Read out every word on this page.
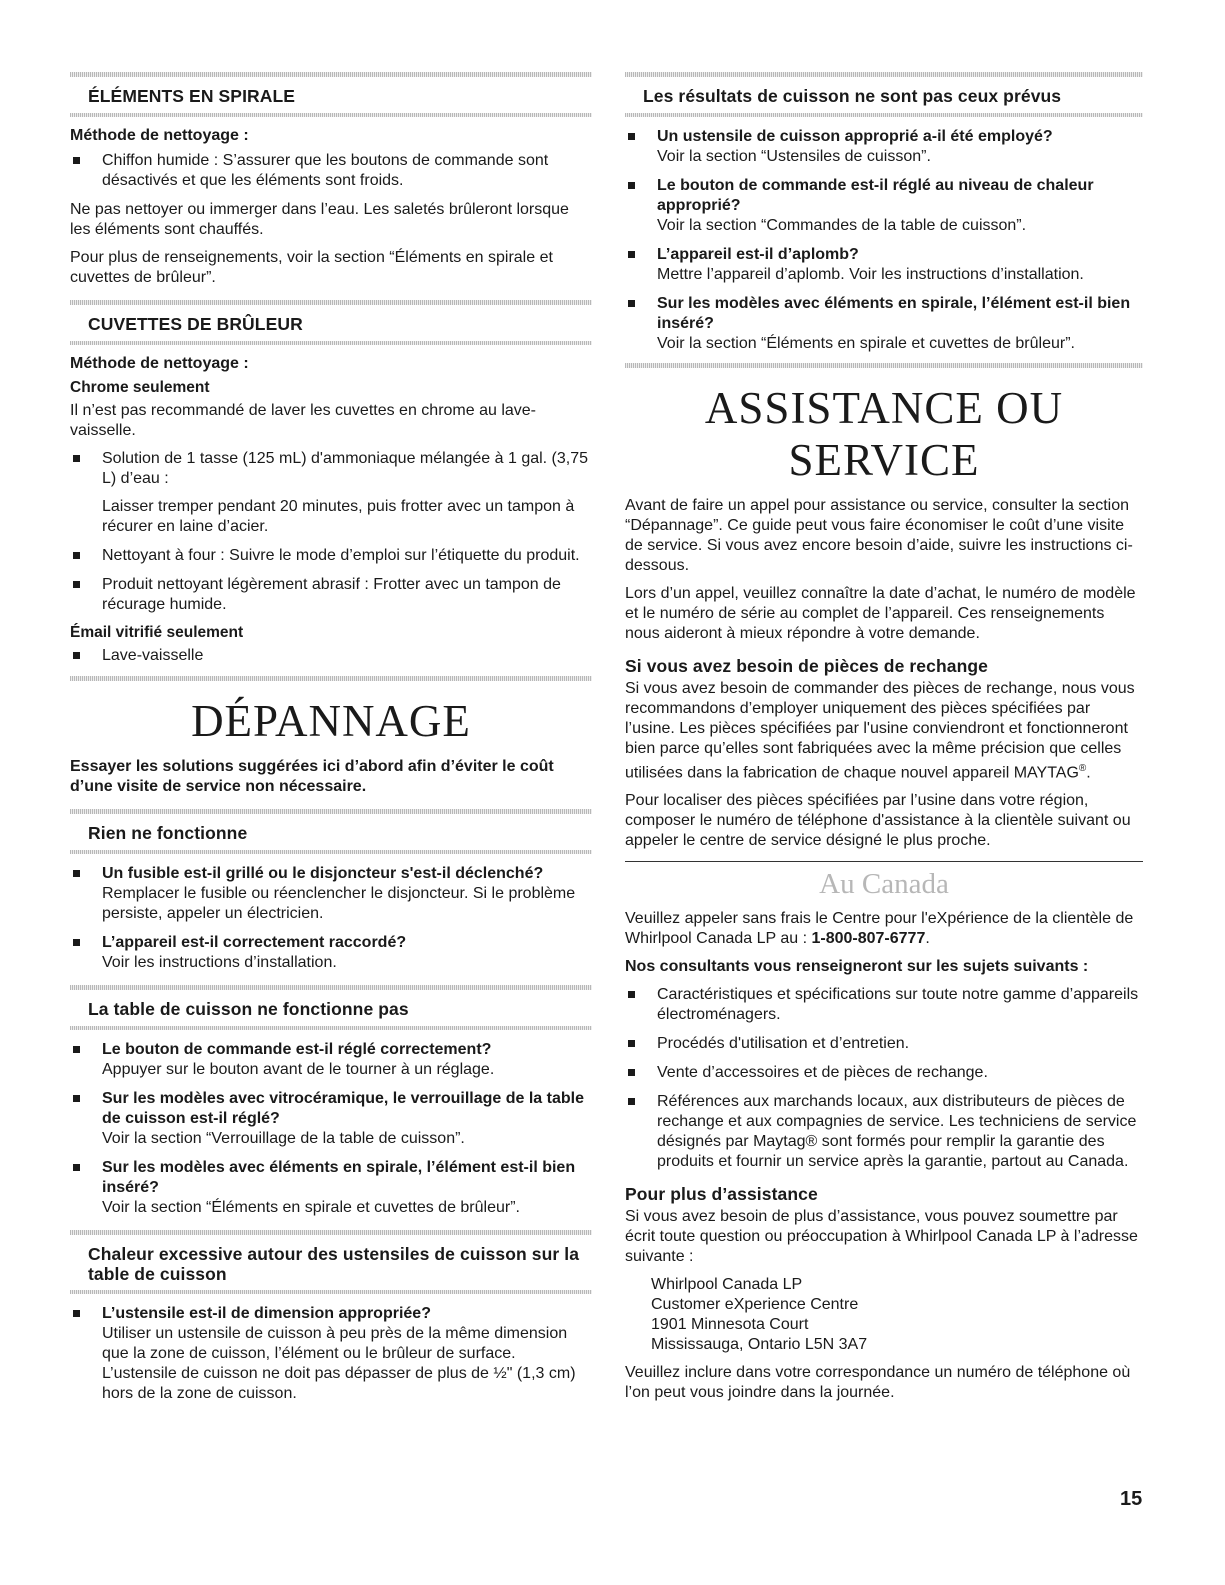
ÉLÉMENTS EN SPIRALE
Méthode de nettoyage :
Chiffon humide : S’assurer que les boutons de commande sont désactivés et que les éléments sont froids.

Ne pas nettoyer ou immerger dans l’eau. Les saletés brûleront lorsque les éléments sont chauffés.

Pour plus de renseignements, voir la section “Éléments en spirale et cuvettes de brûleur”.

CUVETTES DE BRÛLEUR
Méthode de nettoyage :
Chrome seulement

Il n’est pas recommandé de laver les cuvettes en chrome au lave-vaisselle.

Solution de 1 tasse (125 mL) d'ammoniaque mélangée à 1 gal. (3,75 L) d’eau :
Laisser tremper pendant 20 minutes, puis frotter avec un tampon à récurer en laine d’acier.
Nettoyant à four : Suivre le mode d’emploi sur l’étiquette du produit.
Produit nettoyant légèrement abrasif : Frotter avec un tampon de récurage humide.
Émail vitrifié seulement
Lave-vaisselle
DÉPANNAGE
Essayer les solutions suggérées ici d’abord afin d’éviter le coût d’une visite de service non nécessaire.
Rien ne fonctionne
Un fusible est-il grillé ou le disjoncteur s'est-il déclenché?
Remplacer le fusible ou réenclencher le disjoncteur. Si le problème persiste, appeler un électricien.
L’appareil est-il correctement raccordé?
Voir les instructions d’installation.
La table de cuisson ne fonctionne pas
Le bouton de commande est-il réglé correctement?
Appuyer sur le bouton avant de le tourner à un réglage.
Sur les modèles avec vitrocéramique, le verrouillage de la table de cuisson est-il réglé?
Voir la section “Verrouillage de la table de cuisson”.
Sur les modèles avec éléments en spirale, l’élément est-il bien inséré?
Voir la section “Éléments en spirale et cuvettes de brûleur”.
Chaleur excessive autour des ustensiles de cuisson sur la table de cuisson
L’ustensile est-il de dimension appropriée?
Utiliser un ustensile de cuisson à peu près de la même dimension que la zone de cuisson, l’élément ou le brûleur de surface. L’ustensile de cuisson ne doit pas dépasser de plus de ½" (1,3 cm) hors de la zone de cuisson.
Les résultats de cuisson ne sont pas ceux prévus
Un ustensile de cuisson approprié a-il été employé?
Voir la section “Ustensiles de cuisson”.
Le bouton de commande est-il réglé au niveau de chaleur approprié?
Voir la section “Commandes de la table de cuisson”.
L’appareil est-il d’aplomb?
Mettre l’appareil d’aplomb. Voir les instructions d’installation.
Sur les modèles avec éléments en spirale, l’élément est-il bien inséré?
Voir la section “Éléments en spirale et cuvettes de brûleur”.
ASSISTANCE OU SERVICE

Avant de faire un appel pour assistance ou service, consulter la section “Dépannage”. Ce guide peut vous faire économiser le coût d’une visite de service. Si vous avez encore besoin d’aide, suivre les instructions ci-dessous.

Lors d’un appel, veuillez connaître la date d’achat, le numéro de modèle et le numéro de série au complet de l’appareil. Ces renseignements nous aideront à mieux répondre à votre demande.

Si vous avez besoin de pièces de rechange

Si vous avez besoin de commander des pièces de rechange, nous vous recommandons d’employer uniquement des pièces spécifiées par l’usine. Les pièces spécifiées par l'usine conviendront et fonctionneront bien parce qu’elles sont fabriquées avec la même précision que celles utilisées dans la fabrication de chaque nouvel appareil MAYTAG®.

Pour localiser des pièces spécifiées par l’usine dans votre région, composer le numéro de téléphone d'assistance à la clientèle suivant ou appeler le centre de service désigné le plus proche.

Au Canada

Veuillez appeler sans frais le Centre pour l'eXpérience de la clientèle de Whirlpool Canada LP au : 1-800-807-6777.

Nos consultants vous renseigneront sur les sujets suivants :
Caractéristiques et spécifications sur toute notre gamme d’appareils électroménagers.
Procédés d'utilisation et d’entretien.
Vente d’accessoires et de pièces de rechange.
Références aux marchands locaux, aux distributeurs de pièces de rechange et aux compagnies de service. Les techniciens de service désignés par Maytag® sont formés pour remplir la garantie des produits et fournir un service après la garantie, partout au Canada.
Pour plus d’assistance

Si vous avez besoin de plus d’assistance, vous pouvez soumettre par écrit toute question ou préoccupation à Whirlpool Canada LP à l’adresse suivante :

Whirlpool Canada LP
Customer eXperience Centre
1901 Minnesota Court
Mississauga, Ontario L5N 3A7

Veuillez inclure dans votre correspondance un numéro de téléphone où l’on peut vous joindre dans la journée.

15
